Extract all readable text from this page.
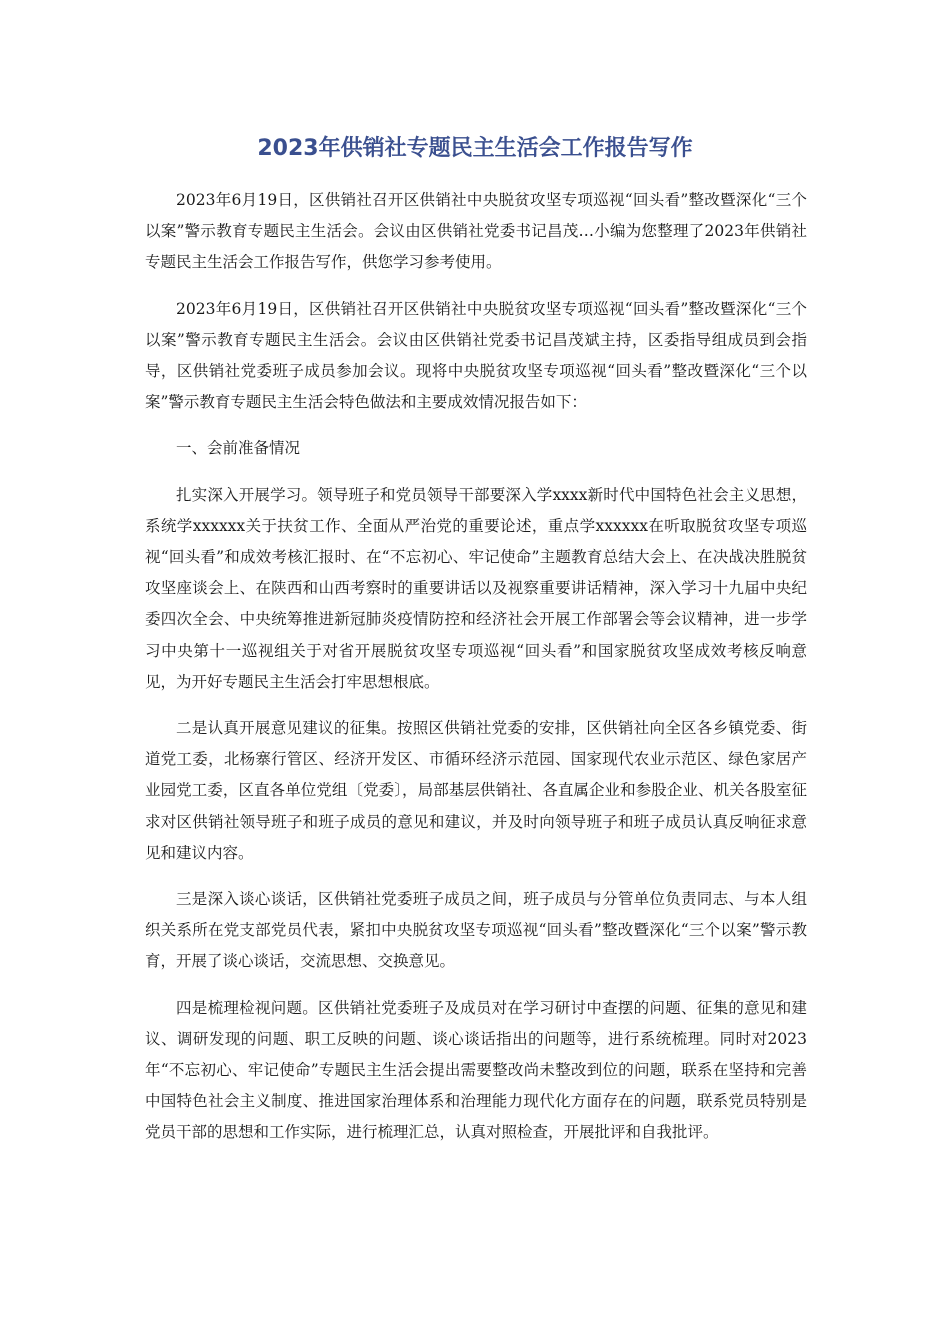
2023年供销社专题民主生活会工作报告写作

2023年6月19日，区供销社召开区供销社中央脱贫攻坚专项巡视“回头看”整改暨深化“三个以案”警示教育专题民主生活会。会议由区供销社党委书记昌茂…小编为您整理了2023年供销社专题民主生活会工作报告写作，供您学习参考使用。

2023年6月19日，区供销社召开区供销社中央脱贫攻坚专项巡视“回头看”整改暨深化“三个以案”警示教育专题民主生活会。会议由区供销社党委书记昌茂斌主持，区委指导组成员到会指导，区供销社党委班子成员参加会议。现将中央脱贫攻坚专项巡视“回头看”整改暨深化“三个以案”警示教育专题民主生活会特色做法和主要成效情况报告如下：

一、会前准备情况

扎实深入开展学习。领导班子和党员领导干部要深入学xxxx新时代中国特色社会主义思想，系统学xxxxxx关于扶贫工作、全面从严治党的重要论述，重点学xxxxxx在听取脱贫攻坚专项巡视“回头看”和成效考核汇报时、在“不忘初心、牢记使命”主题教育总结大会上、在决战决胜脱贫攻坚座谈会上、在陕西和山西考察时的重要讲话以及视察重要讲话精神，深入学习十九届中央纪委四次全会、中央统筹推进新冠肺炎疫情防控和经济社会开展工作部署会等会议精神，进一步学习中央第十一巡视组关于对省开展脱贫攻坚专项巡视“回头看”和国家脱贫攻坚成效考核反响意见，为开好专题民主生活会打牢思想根底。

二是认真开展意见建议的征集。按照区供销社党委的安排，区供销社向全区各乡镇党委、街道党工委，北杨寨行管区、经济开发区、市循环经济示范园、国家现代农业示范区、绿色家居产业园党工委，区直各单位党组〔党委〕，局部基层供销社、各直属企业和参股企业、机关各股室征求对区供销社领导班子和班子成员的意见和建议，并及时向领导班子和班子成员认真反响征求意见和建议内容。

三是深入谈心谈话，区供销社党委班子成员之间，班子成员与分管单位负责同志、与本人组织关系所在党支部党员代表，紧扣中央脱贫攻坚专项巡视“回头看”整改暨深化“三个以案”警示教育，开展了谈心谈话，交流思想、交换意见。

四是梳理检视问题。区供销社党委班子及成员对在学习研讨中查摆的问题、征集的意见和建议、调研发现的问题、职工反映的问题、谈心谈话指出的问题等，进行系统梳理。同时对2023年“不忘初心、牢记使命”专题民主生活会提出需要整改尚未整改到位的问题，联系在坚持和完善中国特色社会主义制度、推进国家治理体系和治理能力现代化方面存在的问题，联系党员特别是党员干部的思想和工作实际，进行梳理汇总，认真对照检查，开展批评和自我批评。
